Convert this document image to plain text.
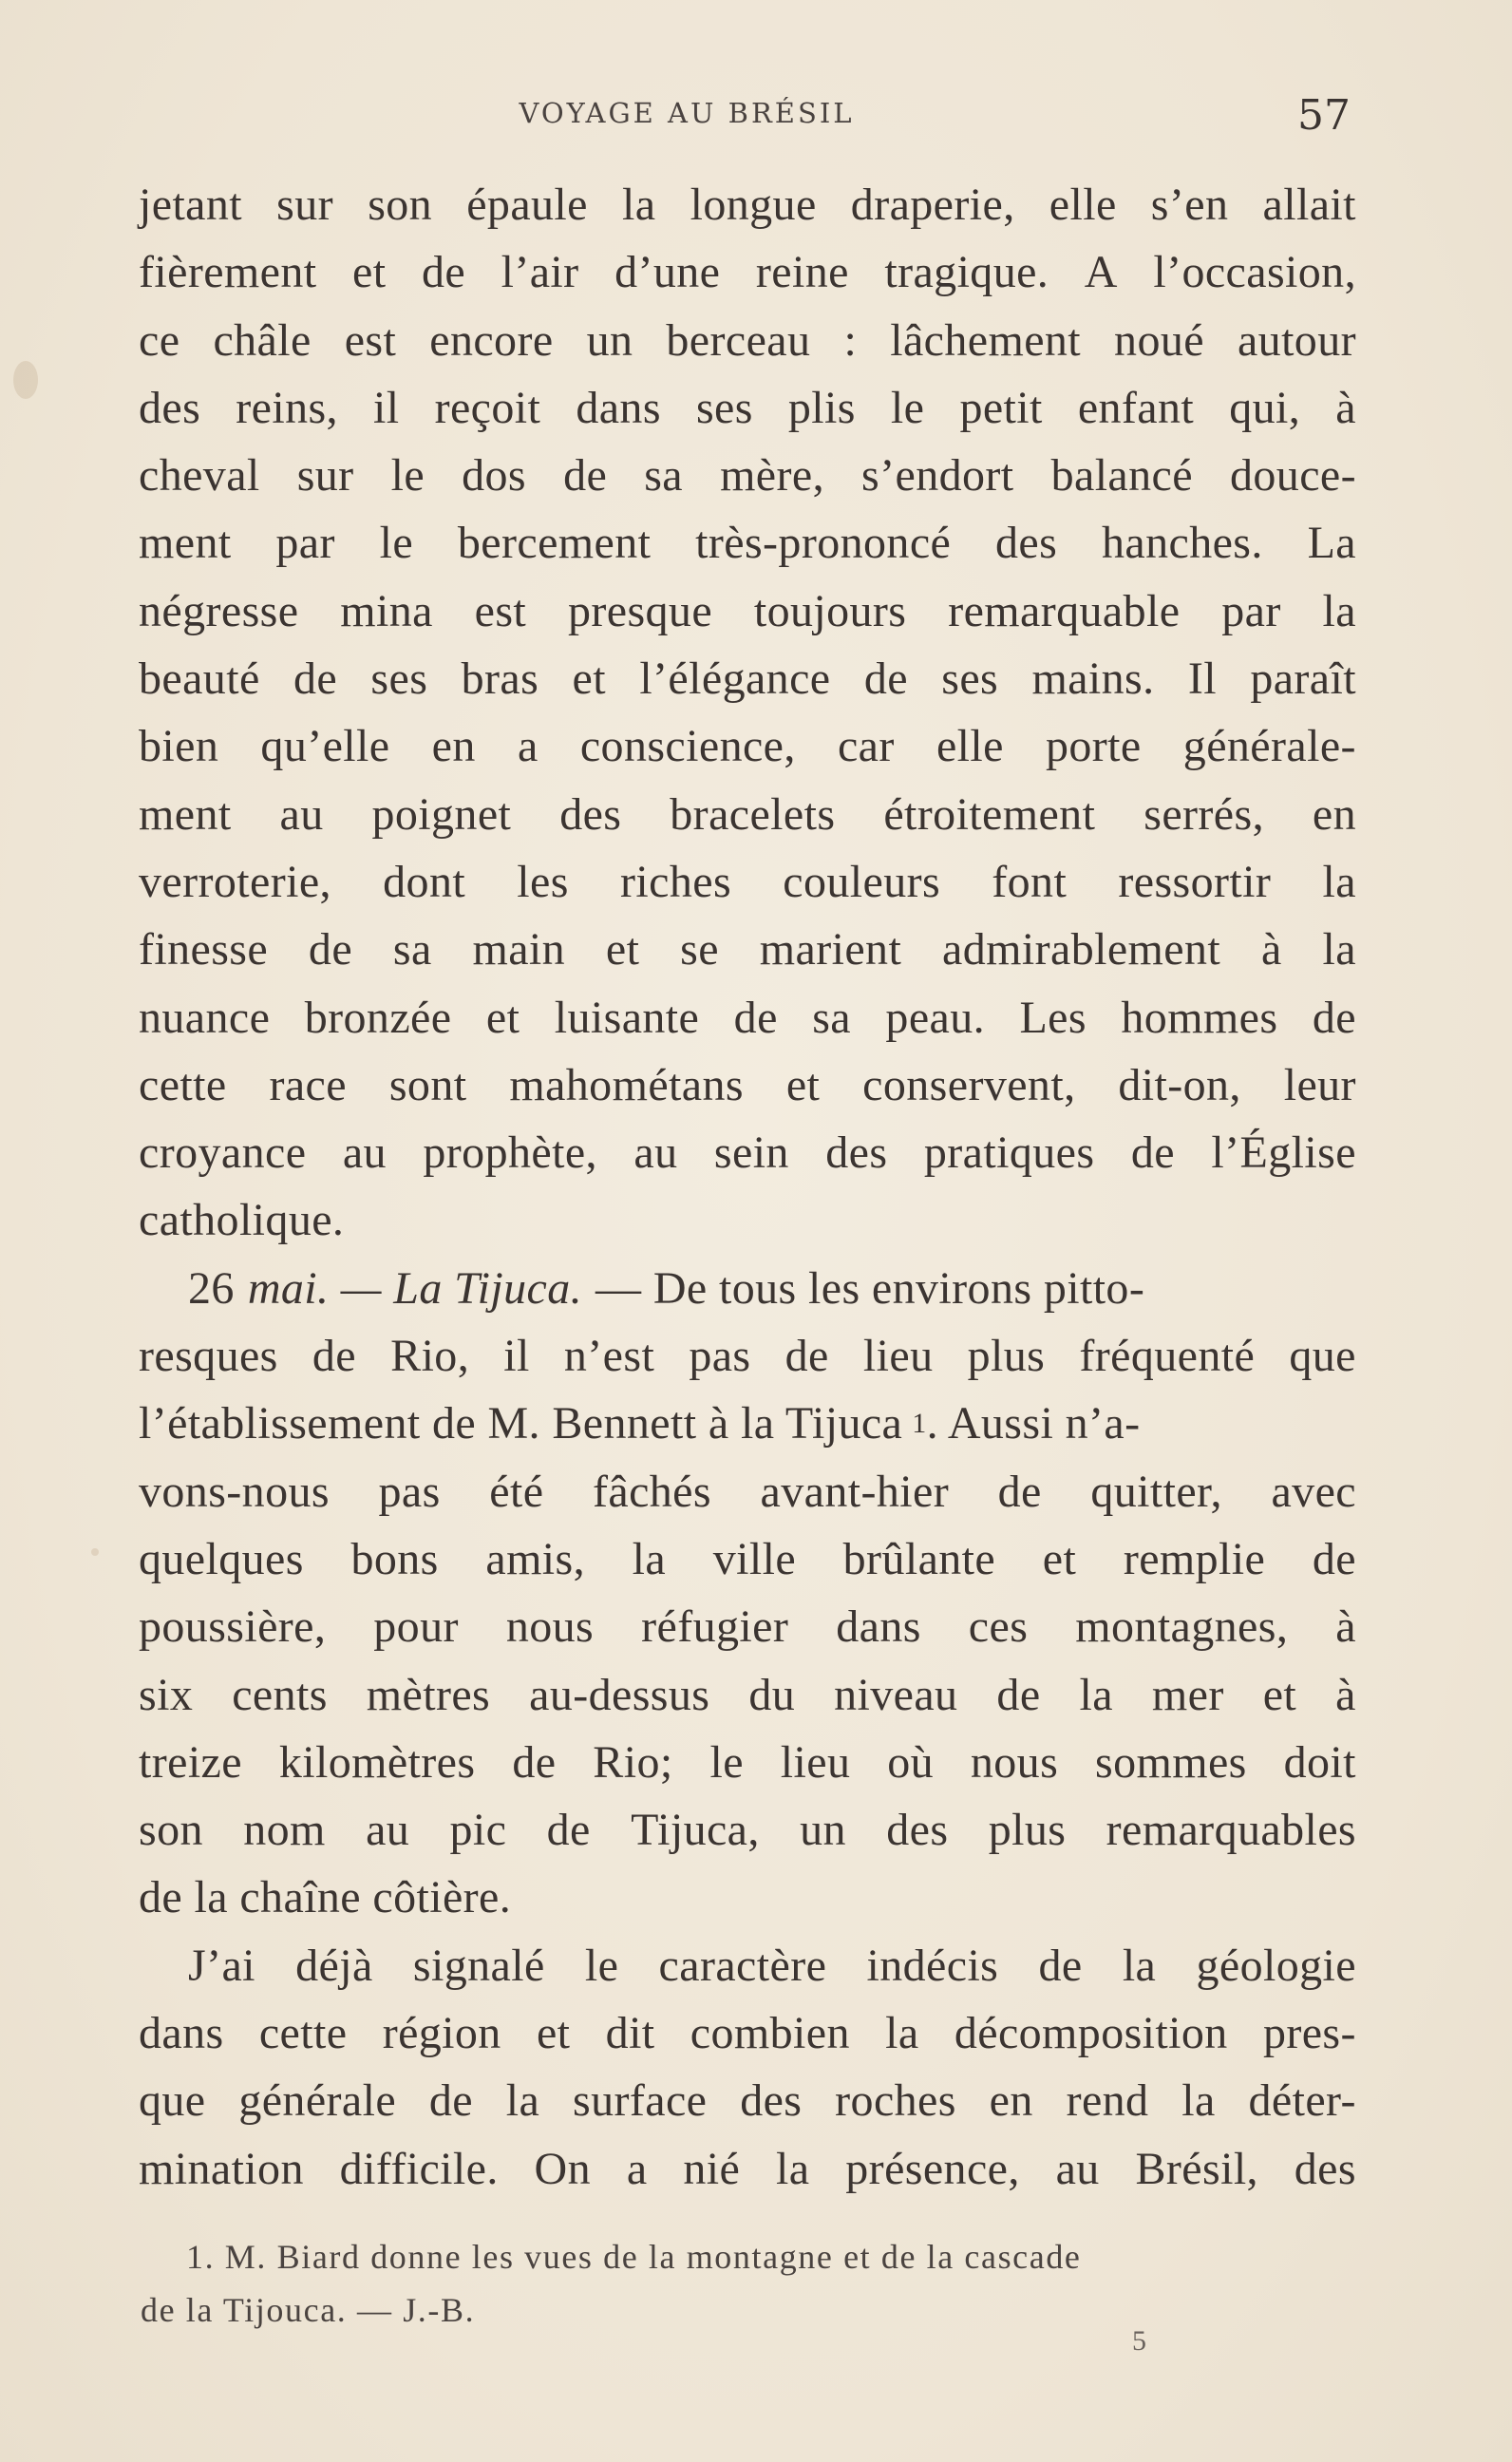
VOYAGE AU BRÉSIL	57
jetant sur son épaule la longue draperie, elle s’en allait
fièrement et de l’air d’une reine tragique. A l’occasion,
ce châle est encore un berceau : lâchement noué autour
des reins, il reçoit dans ses plis le petit enfant qui, à
cheval sur le dos de sa mère, s’endort balancé douce-
ment par le bercement très-prononcé des hanches. La
négresse mina est presque toujours remarquable par la
beauté de ses bras et l’élégance de ses mains. Il paraît
bien qu’elle en a conscience, car elle porte générale-
ment au poignet des bracelets étroitement serrés, en
verroterie, dont les riches couleurs font ressortir la
finesse de sa main et se marient admirablement à la
nuance bronzée et luisante de sa peau. Les hommes de
cette race sont mahométans et conservent, dit-on, leur
croyance au prophète, au sein des pratiques de l’Église
catholique.
26 mai. — La Tijuca. — De tous les environs pitto-
resques de Rio, il n’est pas de lieu plus fréquenté que
l’établissement de M. Bennett à la Tijuca 1 . Aussi n’a-
vons-nous pas été fâchés avant-hier de quitter, avec
quelques bons amis, la ville brûlante et remplie de
poussière, pour nous réfugier dans ces montagnes, à
six cents mètres au-dessus du niveau de la mer et à
treize kilomètres de Rio; le lieu où nous sommes doit
son nom au pic de Tijuca, un des plus remarquables
de la chaîne côtière.
J’ai déjà signalé le caractère indécis de la géologie
dans cette région et dit combien la décomposition pres-
que générale de la surface des roches en rend la déter-
mination difficile. On a nié la présence, au Brésil, des
1. M. Biard donne les vues de la montagne et de la cascade
de la Tijouca. — J.-B.
5
